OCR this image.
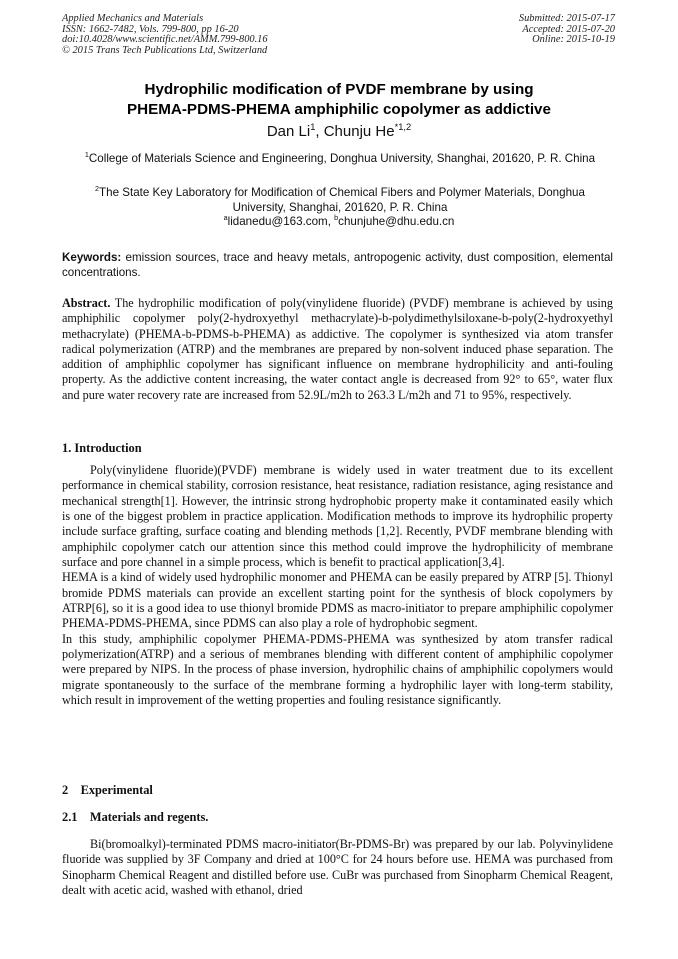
Applied Mechanics and Materials
ISSN: 1662-7482, Vols. 799-800, pp 16-20
doi:10.4028/www.scientific.net/AMM.799-800.16
© 2015 Trans Tech Publications Ltd, Switzerland
Submitted: 2015-07-17
Accepted: 2015-07-20
Online: 2015-10-19
Hydrophilic modification of PVDF membrane by using
PHEMA-PDMS-PHEMA amphiphilic copolymer as addictive
Dan Li$^1$, Chunju He$^{*1,2}$
$^1$College of Materials Science and Engineering, Donghua University, Shanghai, 201620, P. R. China
$^2$The State Key Laboratory for Modification of Chemical Fibers and Polymer Materials, Donghua University, Shanghai, 201620, P. R. China
$^a$lidanedu@163.com, $^b$chunjuhe@dhu.edu.cn
Keywords: emission sources, trace and heavy metals, antropogenic activity, dust composition, elemental concentrations.
Abstract. The hydrophilic modification of poly(vinylidene fluoride) (PVDF) membrane is achieved by using amphiphilic copolymer poly(2-hydroxyethyl methacrylate)-b-polydimethylsiloxane-b-poly(2-hydroxyethyl methacrylate) (PHEMA-b-PDMS-b-PHEMA) as addictive. The copolymer is synthesized via atom transfer radical polymerization (ATRP) and the membranes are prepared by non-solvent induced phase separation. The addition of amphiphlic copolymer has significant influence on membrane hydrophilicity and anti-fouling property. As the addictive content increasing, the water contact angle is decreased from 92° to 65°, water flux and pure water recovery rate are increased from 52.9L/m2h to 263.3 L/m2h and 71 to 95%, respectively.
1. Introduction

Poly(vinylidene fluoride)(PVDF) membrane is widely used in water treatment due to its excellent performance in chemical stability, corrosion resistance, heat resistance, radiation resistance, aging resistance and mechanical strength[1]. However, the intrinsic strong hydrophobic property make it contaminated easily which is one of the biggest problem in practice application. Modification methods to improve its hydrophilic property include surface grafting, surface coating and blending methods [1,2]. Recently, PVDF membrane blending with amphiphilc copolymer catch our attention since this method could improve the hydrophilicity of membrane surface and pore channel in a simple process, which is benefit to practical application[3,4].

HEMA is a kind of widely used hydrophilic monomer and PHEMA can be easily prepared by ATRP [5]. Thionyl bromide PDMS materials can provide an excellent starting point for the synthesis of block copolymers by ATRP[6], so it is a good idea to use thionyl bromide PDMS as macro-initiator to prepare amphiphilic copolymer PHEMA-PDMS-PHEMA, since PDMS can also play a role of hydrophobic segment.

In this study, amphiphilic copolymer PHEMA-PDMS-PHEMA was synthesized by atom transfer radical polymerization(ATRP) and a serious of membranes blending with different content of amphiphilic copolymer were prepared by NIPS. In the process of phase inversion, hydrophilic chains of amphiphilic copolymers would migrate spontaneously to the surface of the membrane forming a hydrophilic layer with long-term stability, which result in improvement of the wetting properties and fouling resistance significantly.

2    Experimental
2.1    Materials and regents.

Bi(bromoalkyl)-terminated PDMS macro-initiator(Br-PDMS-Br) was prepared by our lab. Polyvinylidene fluoride was supplied by 3F Company and dried at 100°C for 24 hours before use. HEMA was purchased from Sinopharm Chemical Reagent and distilled before use. CuBr was purchased from Sinopharm Chemical Reagent, dealt with acetic acid, washed with ethanol, dried
